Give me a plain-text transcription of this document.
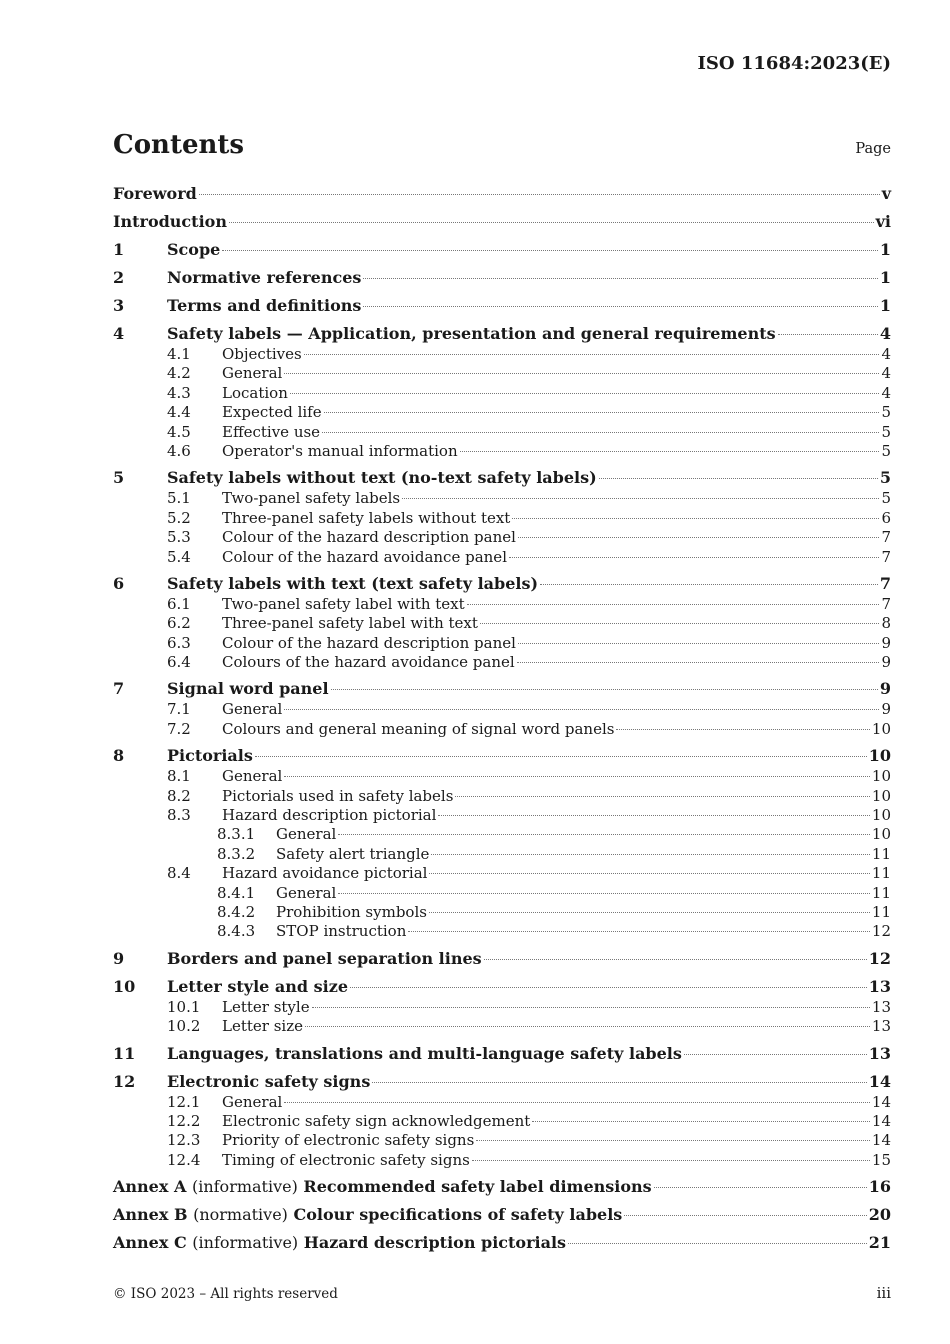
ISO 11684:2023(E)
Contents	Page
Foreword	v
Introduction	vi
1	Scope	1
2	Normative references	1
3	Terms and definitions	1
4	Safety labels — Application, presentation and general requirements	4
4.1	Objectives	4
4.2	General	4
4.3	Location	4
4.4	Expected life	5
4.5	Effective use	5
4.6	Operator's manual information	5
5	Safety labels without text (no-text safety labels)	5
5.1	Two-panel safety labels	5
5.2	Three-panel safety labels without text	6
5.3	Colour of the hazard description panel	7
5.4	Colour of the hazard avoidance panel	7
6	Safety labels with text (text safety labels)	7
6.1	Two-panel safety label with text	7
6.2	Three-panel safety label with text	8
6.3	Colour of the hazard description panel	9
6.4	Colours of the hazard avoidance panel	9
7	Signal word panel	9
7.1	General	9
7.2	Colours and general meaning of signal word panels	10
8	Pictorials	10
8.1	General	10
8.2	Pictorials used in safety labels	10
8.3	Hazard description pictorial	10
8.3.1	General	10
8.3.2	Safety alert triangle	11
8.4	Hazard avoidance pictorial	11
8.4.1	General	11
8.4.2	Prohibition symbols	11
8.4.3	STOP instruction	12
9	Borders and panel separation lines	12
10	Letter style and size	13
10.1	Letter style	13
10.2	Letter size	13
11	Languages, translations and multi-language safety labels	13
12	Electronic safety signs	14
12.1	General	14
12.2	Electronic safety sign acknowledgement	14
12.3	Priority of electronic safety signs	14
12.4	Timing of electronic safety signs	15
Annex A (informative) Recommended safety label dimensions	16
Annex B (normative) Colour specifications of safety labels	20
Annex C (informative) Hazard description pictorials	21
© ISO 2023 – All rights reserved	iii
